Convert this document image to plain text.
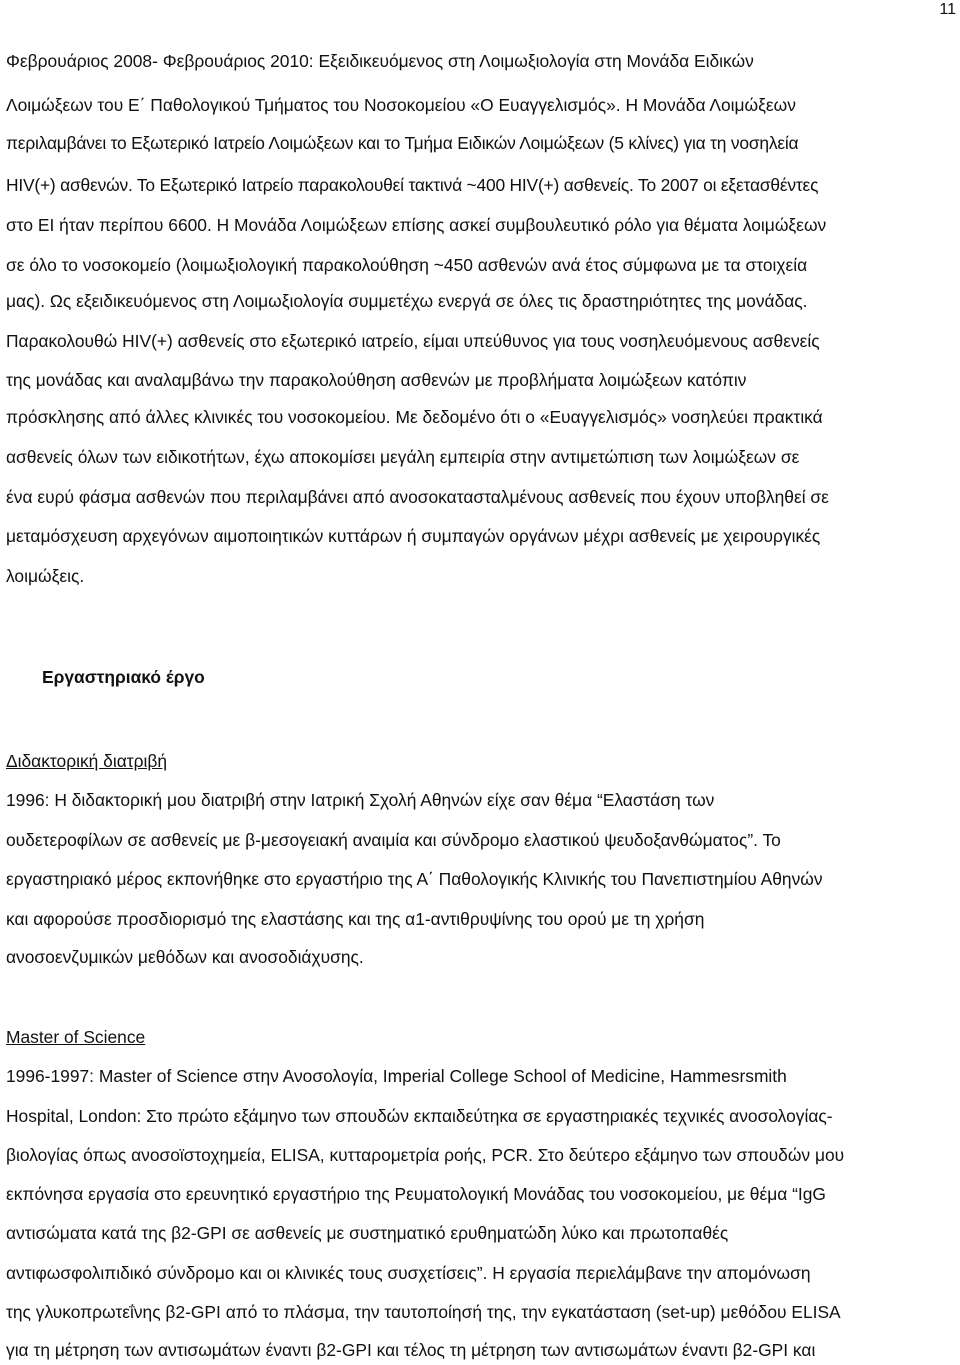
11
Φεβρουάριος 2008- Φεβρουάριος 2010: Εξειδικευόμενος στη Λοιμωξιολογία στη Μονάδα Ειδικών
Λοιμώξεων του Ε΄ Παθολογικού Τμήματος του Νοσοκομείου «Ο Ευαγγελισμός». Η Μονάδα Λοιμώξεων
περιλαμβάνει το Εξωτερικό Ιατρείο Λοιμώξεων και το Τμήμα Ειδικών Λοιμώξεων (5 κλίνες) για τη νοσηλεία
HIV(+) ασθενών. Το Εξωτερικό Ιατρείο παρακολουθεί τακτινά ~400 HIV(+) ασθενείς. Το 2007 οι εξετασθέντες
στο ΕΙ ήταν περίπου 6600. Η Μονάδα Λοιμώξεων επίσης ασκεί συμβουλευτικό ρόλο για θέματα λοιμώξεων
σε όλο το νοσοκομείο (λοιμωξιολογική παρακολούθηση ~450 ασθενών ανά έτος σύμφωνα με τα στοιχεία
μας). Ως εξειδικευόμενος στη Λοιμωξιολογία συμμετέχω ενεργά σε όλες τις δραστηριότητες της μονάδας.
Παρακολουθώ HIV(+) ασθενείς στο εξωτερικό ιατρείο, είμαι υπεύθυνος για τους νοσηλευόμενους ασθενείς
της μονάδας και αναλαμβάνω την παρακολούθηση ασθενών με προβλήματα λοιμώξεων κατόπιν
πρόσκλησης από άλλες κλινικές του νοσοκομείου. Με δεδομένο ότι ο «Ευαγγελισμός» νοσηλεύει πρακτικά
ασθενείς όλων των ειδικοτήτων, έχω αποκομίσει μεγάλη εμπειρία στην αντιμετώπιση των λοιμώξεων σε
ένα ευρύ φάσμα ασθενών που περιλαμβάνει από ανοσοκατασταλμένους ασθενείς που έχουν υποβληθεί σε
μεταμόσχευση αρχεγόνων αιμοποιητικών κυττάρων ή συμπαγών οργάνων μέχρι ασθενείς με χειρουργικές
λοιμώξεις.
Εργαστηριακό έργο
Διδακτορική διατριβή
1996: Η διδακτορική μου διατριβή στην Ιατρική Σχολή Αθηνών είχε σαν θέμα “Ελαστάση των
ουδετεροφίλων σε ασθενείς με β-μεσογειακή αναιμία και σύνδρομο ελαστικού ψευδοξανθώματος”. Το
εργαστηριακό μέρος εκπονήθηκε στο εργαστήριο της Α΄ Παθολογικής Κλινικής του Πανεπιστημίου Αθηνών
και αφορούσε προσδιορισμό της ελαστάσης και της α1-αντιθρυψίνης του ορού με τη χρήση
ανοσοενζυμικών μεθόδων και ανοσοδιάχυσης.
Master of Science
1996-1997: Master of Science στην Ανοσολογία, Imperial College School of Medicine, Hammesrsmith
Hospital, London: Στο πρώτο εξάμηνο των σπουδών εκπαιδεύτηκα σε εργαστηριακές τεχνικές ανοσολογίας-
βιολογίας όπως ανοσοϊστοχημεία, ELISA, κυτταρομετρία ροής, PCR. Στο δεύτερο εξάμηνο των σπουδών μου
εκπόνησα εργασία στο ερευνητικό εργαστήριο της Ρευματολογική Μονάδας του νοσοκομείου, με θέμα “IgG
αντισώματα κατά της β2-GPI σε ασθενείς με συστηματικό ερυθηματώδη λύκο και πρωτοπαθές
αντιφωσφολιπιδικό σύνδρομο και οι κλινικές τους συσχετίσεις”. Η εργασία περιελάμβανε την απομόνωση
της γλυκοπρωτεΐνης β2-GPI από το πλάσμα, την ταυτοποίησή της, την εγκατάσταση (set-up) μεθόδου ELISA
για τη μέτρηση των αντισωμάτων έναντι β2-GPI και τέλος τη μέτρηση των αντισωμάτων έναντι β2-GPI και
